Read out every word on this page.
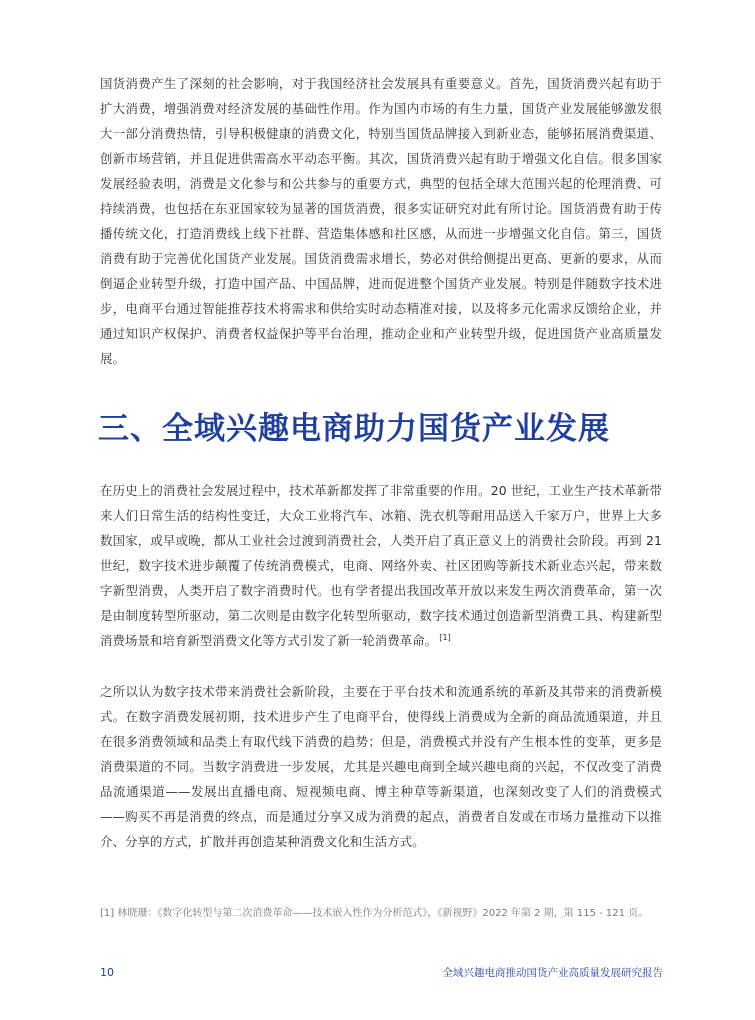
国货消费产生了深刻的社会影响，对于我国经济社会发展具有重要意义。首先，国货消费兴起有助于扩大消费，增强消费对经济发展的基础性作用。作为国内市场的有生力量，国货产业发展能够激发很大一部分消费热情，引导积极健康的消费文化，特别当国货品牌接入到新业态，能够拓展消费渠道、创新市场营销，并且促进供需高水平动态平衡。其次，国货消费兴起有助于增强文化自信。很多国家发展经验表明，消费是文化参与和公共参与的重要方式，典型的包括全球大范围兴起的伦理消费、可持续消费，也包括在东亚国家较为显著的国货消费，很多实证研究对此有所讨论。国货消费有助于传播传统文化，打造消费线上线下社群、营造集体感和社区感，从而进一步增强文化自信。第三，国货消费有助于完善优化国货产业发展。国货消费需求增长，势必对供给侧提出更高、更新的要求，从而倒逼企业转型升级，打造中国产品、中国品牌，进而促进整个国货产业发展。特别是伴随数字技术进步，电商平台通过智能推荐技术将需求和供给实时动态精准对接，以及将多元化需求反馈给企业，并通过知识产权保护、消费者权益保护等平台治理，推动企业和产业转型升级，促进国货产业高质量发展。

三、全域兴趣电商助力国货产业发展

在历史上的消费社会发展过程中，技术革新都发挥了非常重要的作用。20 世纪，工业生产技术革新带来人们日常生活的结构性变迁，大众工业将汽车、冰箱、洗衣机等耐用品送入千家万户，世界上大多数国家，或早或晚，都从工业社会过渡到消费社会，人类开启了真正意义上的消费社会阶段。再到 21 世纪，数字技术进步颠覆了传统消费模式，电商、网络外卖、社区团购等新技术新业态兴起，带来数字新型消费，人类开启了数字消费时代。也有学者提出我国改革开放以来发生两次消费革命，第一次是由制度转型所驱动，第二次则是由数字化转型所驱动，数字技术通过创造新型消费工具、构建新型消费场景和培育新型消费文化等方式引发了新一轮消费革命。 [1]

之所以认为数字技术带来消费社会新阶段，主要在于平台技术和流通系统的革新及其带来的消费新模式。在数字消费发展初期，技术进步产生了电商平台，使得线上消费成为全新的商品流通渠道，并且在很多消费领域和品类上有取代线下消费的趋势；但是，消费模式并没有产生根本性的变革，更多是消费渠道的不同。当数字消费进一步发展，尤其是兴趣电商到全域兴趣电商的兴起，不仅改变了消费品流通渠道——发展出直播电商、短视频电商、博主种草等新渠道，也深刻改变了人们的消费模式——购买不再是消费的终点，而是通过分享又成为消费的起点，消费者自发或在市场力量推动下以推介、分享的方式，扩散并再创造某种消费文化和生活方式。

[1] 林晓珊：《数字化转型与第二次消费革命——技术嵌入性作为分析范式》，《新视野》2022 年第 2 期，第 115 - 121 页。
10	全域兴趣电商推动国货产业高质量发展研究报告
